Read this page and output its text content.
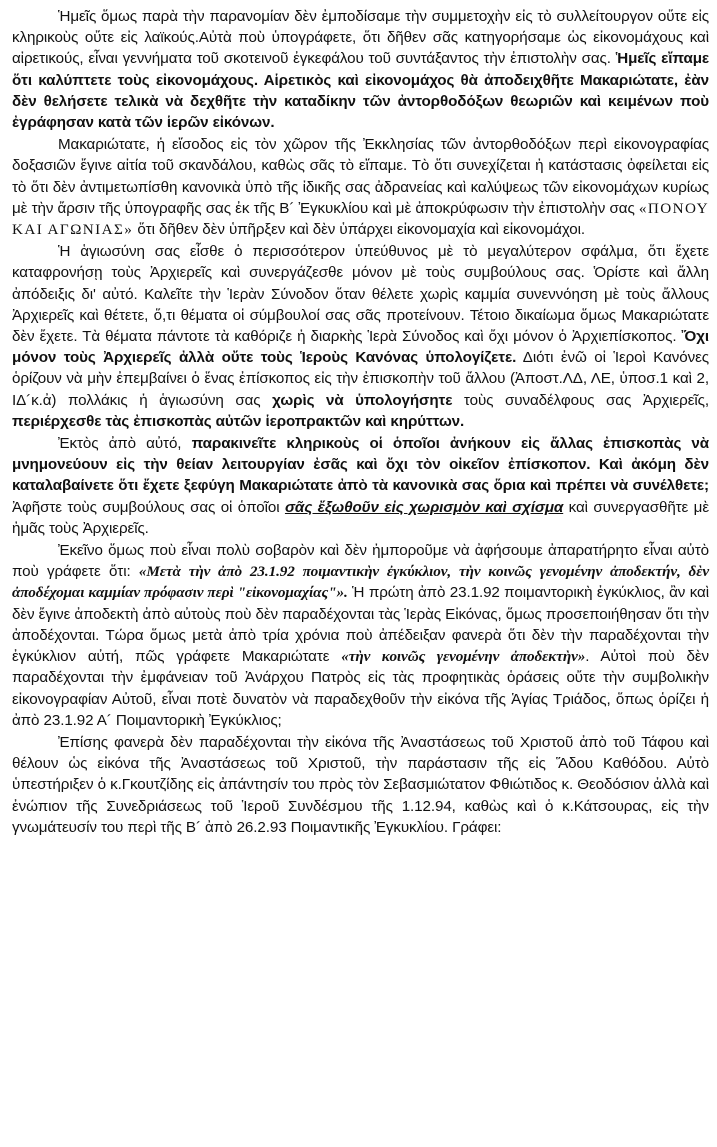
Ἡμεῖς ὅμως παρὰ τὴν παρανομίαν δὲν ἐμποδίσαμε τὴν συμμετοχὴν εἰς τὸ συλλείτουργον οὔτε εἰς κληρικοὺς οὔτε εἰς λαϊκούς.Αὐτὰ ποὺ ὑπογράφετε, ὅτι δῆθεν σᾶς κατηγορήσαμε ὡς εἰκονομάχους καὶ αἱρετικούς, εἶναι γεννήματα τοῦ σκοτεινοῦ ἐγκεφάλου τοῦ συντάξαντος τὴν ἐπιστολὴν σας. Ἡμεῖς εἴπαμε ὅτι καλύπτετε τοὺς εἰκονομάχους. Αἱρετικὸς καὶ εἰκονομάχος θὰ ἀποδειχθῆτε Μακαριώτατε, ἐὰν δὲν θελήσετε τελικὰ νὰ δεχθῆτε τὴν καταδίκην τῶν ἀντορθοδόξων θεωριῶν καὶ κειμένων ποὺ ἐγράφησαν κατὰ τῶν ἱερῶν εἰκόνων.

Μακαριώτατε, ἡ εἴσοδος εἰς τὸν χῶρον τῆς Ἐκκλησίας τῶν ἀντορθοδόξων περὶ εἰκονογραφίας δοξασιῶν ἔγινε αἰτία τοῦ σκανδάλου, καθὼς σᾶς τὸ εἴπαμε. Τὸ ὅτι συνεχίζεται ἡ κατάστασις ὀφείλεται εἰς τὸ ὅτι δὲν ἀντιμετωπίσθη κανονικὰ ὑπὸ τῆς ἰδικῆς σας ἀδρανείας καὶ καλύψεως τῶν εἰκονομάχων κυρίως μὲ τὴν ἄρσιν τῆς ὑπογραφῆς σας ἐκ τῆς Β´ Ἐγκυκλίου καὶ μὲ ἀποκρύφωσιν τὴν ἐπιστολὴν σας «ΠΟΝΟΥ ΚΑΙ ΑΓΩΝΙΑΣ» ὅτι δῆθεν δὲν ὑπῆρξεν καὶ δὲν ὑπάρχει εἰκονομαχία καὶ εἰκονομάχοι.

Ἡ ἁγιωσύνη σας εἶσθε ὁ περισσότερον ὑπεύθυνος μὲ τὸ μεγαλύτερον σφάλμα, ὅτι ἔχετε καταφρονήσῃ τοὺς Ἀρχιερεῖς καὶ συνεργάζεσθε μόνον μὲ τοὺς συμβούλους σας. Ὁρίστε καὶ ἄλλη ἀπόδειξις δι' αὐτό. Καλεῖτε τὴν Ἱερὰν Σύνοδον ὅταν θέλετε χωρὶς καμμία συνεννόηση μὲ τοὺς ἄλλους Ἀρχιερεῖς καὶ θέτετε, ὅ,τι θέματα οἱ σύμβουλοί σας σᾶς προτείνουν. Τέτοιο δικαίωμα ὅμως Μακαριώτατε δὲν ἔχετε. Τὰ θέματα πάντοτε τὰ καθόριζε ἡ διαρκὴς Ἱερὰ Σύνοδος καὶ ὄχι μόνον ὁ Ἀρχιεπίσκοπος. Ὄχι μόνον τοὺς Ἀρχιερεῖς ἀλλὰ οὔτε τοὺς Ἱεροὺς Κανόνας ὑπολογίζετε. Διότι ἐνῶ οἱ Ἱεροὶ Κανόνες ὁρίζουν νὰ μὴν ἐπεμβαίνει ὁ ἕνας ἐπίσκοπος εἰς τὴν ἐπισκοπὴν τοῦ ἄλλου (Ἀποστ.ΛΔ, ΛΕ, ὑποσ.1 καὶ 2, ΙΔ´κ.ἀ) πολλάκις ἡ ἁγιωσύνη σας χωρὶς νὰ ὑπολογήσητε τοὺς συναδέλφους σας Ἀρχιερεῖς, περιέρχεσθε τὰς ἐπισκοπὰς αὐτῶν ἱεροπρακτῶν καὶ κηρύττων.

Ἐκτὸς ἀπὸ αὐτό, παρακινεῖτε κληρικοὺς οἱ ὁποῖοι ἀνήκουν εἰς ἄλλας ἐπισκοπὰς νὰ μνημονεύουν εἰς τὴν θείαν λειτουργίαν ἐσᾶς καὶ ὄχι τὸν οἰκεῖον ἐπίσκοπον. Καὶ ἀκόμη δὲν καταλαβαίνετε ὅτι ἔχετε ξεφύγη Μακαριώτατε ἀπὸ τὰ κανονικὰ σας ὅρια καὶ πρέπει νὰ συνέλθετε; Ἀφῆστε τοὺς συμβούλους σας οἱ ὁποῖοι σᾶς ἔξωθοῦν εἰς χωρισμὸν καὶ σχίσμα καὶ συνεργασθῆτε μὲ ἡμᾶς τοὺς Ἀρχιερεῖς.

Ἐκεῖνο ὅμως ποὺ εἶναι πολὺ σοβαρὸν καὶ δὲν ἠμποροῦμε νὰ ἀφήσουμε ἀπαρατήρητο εἶναι αὐτὸ ποὺ γράφετε ὅτι: «Μετὰ τὴν ἀπὸ 23.1.92 ποιμαντικὴν ἐγκύκλιον, τὴν κοινῶς γενομένην ἀποδεκτήν, δὲν ἀποδέχομαι καμμίαν πρόφασιν περὶ "εἰκονομαχίας"». Ἡ πρώτη ἀπὸ 23.1.92 ποιμαντορικὴ ἐγκύκλιος, ἂν καὶ δὲν ἔγινε ἀποδεκτὴ ἀπὸ αὐτοὺς ποὺ δὲν παραδέχονται τὰς Ἱερὰς Εἰκόνας, ὅμως προσεποιήθησαν ὅτι τὴν ἀποδέχονται. Τώρα ὅμως μετὰ ἀπὸ τρία χρόνια ποὺ ἀπέδειξαν φανερὰ ὅτι δὲν τὴν παραδέχονται τὴν ἐγκύκλιον αὐτή, πῶς γράφετε Μακαριώτατε «τὴν κοινῶς γενομένην ἀποδεκτὴν». Αὐτοὶ ποὺ δὲν παραδέχονται τὴν ἐμφάνειαν τοῦ Ἀνάρχου Πατρὸς εἰς τὰς προφητικὰς ὁράσεις οὔτε τὴν συμβολικὴν εἰκονογραφίαν Αὐτοῦ, εἶναι ποτὲ δυνατὸν νὰ παραδεχθοῦν τὴν εἰκόνα τῆς Ἁγίας Τριάδος, ὅπως ὁρίζει ἡ ἀπὸ 23.1.92 Α´ Ποιμαντορικὴ Ἐγκύκλιος;

Ἐπίσης φανερὰ δὲν παραδέχονται τὴν εἰκόνα τῆς Ἀναστάσεως τοῦ Χριστοῦ ἀπὸ τοῦ Τάφου καὶ θέλουν ὡς εἰκόνα τῆς Ἀναστάσεως τοῦ Χριστοῦ, τὴν παράστασιν τῆς εἰς Ἅδου Καθόδου. Αὐτὸ ὑπεστήριξεν ὁ κ.Γκουτζίδης εἰς ἀπάντησίν του πρὸς τὸν Σεβασμιώτατον Φθιώτιδος κ. Θεοδόσιον ἀλλὰ καὶ ἐνώπιον τῆς Συνεδριάσεως τοῦ Ἱεροῦ Συνδέσμου τῆς 1.12.94, καθὼς καὶ ὁ κ.Κάτσουρας, εἰς τὴν γνωμάτευσίν του περὶ τῆς Β´ ἀπὸ 26.2.93 Ποιμαντικῆς Ἐγκυκλίου. Γράφει:
